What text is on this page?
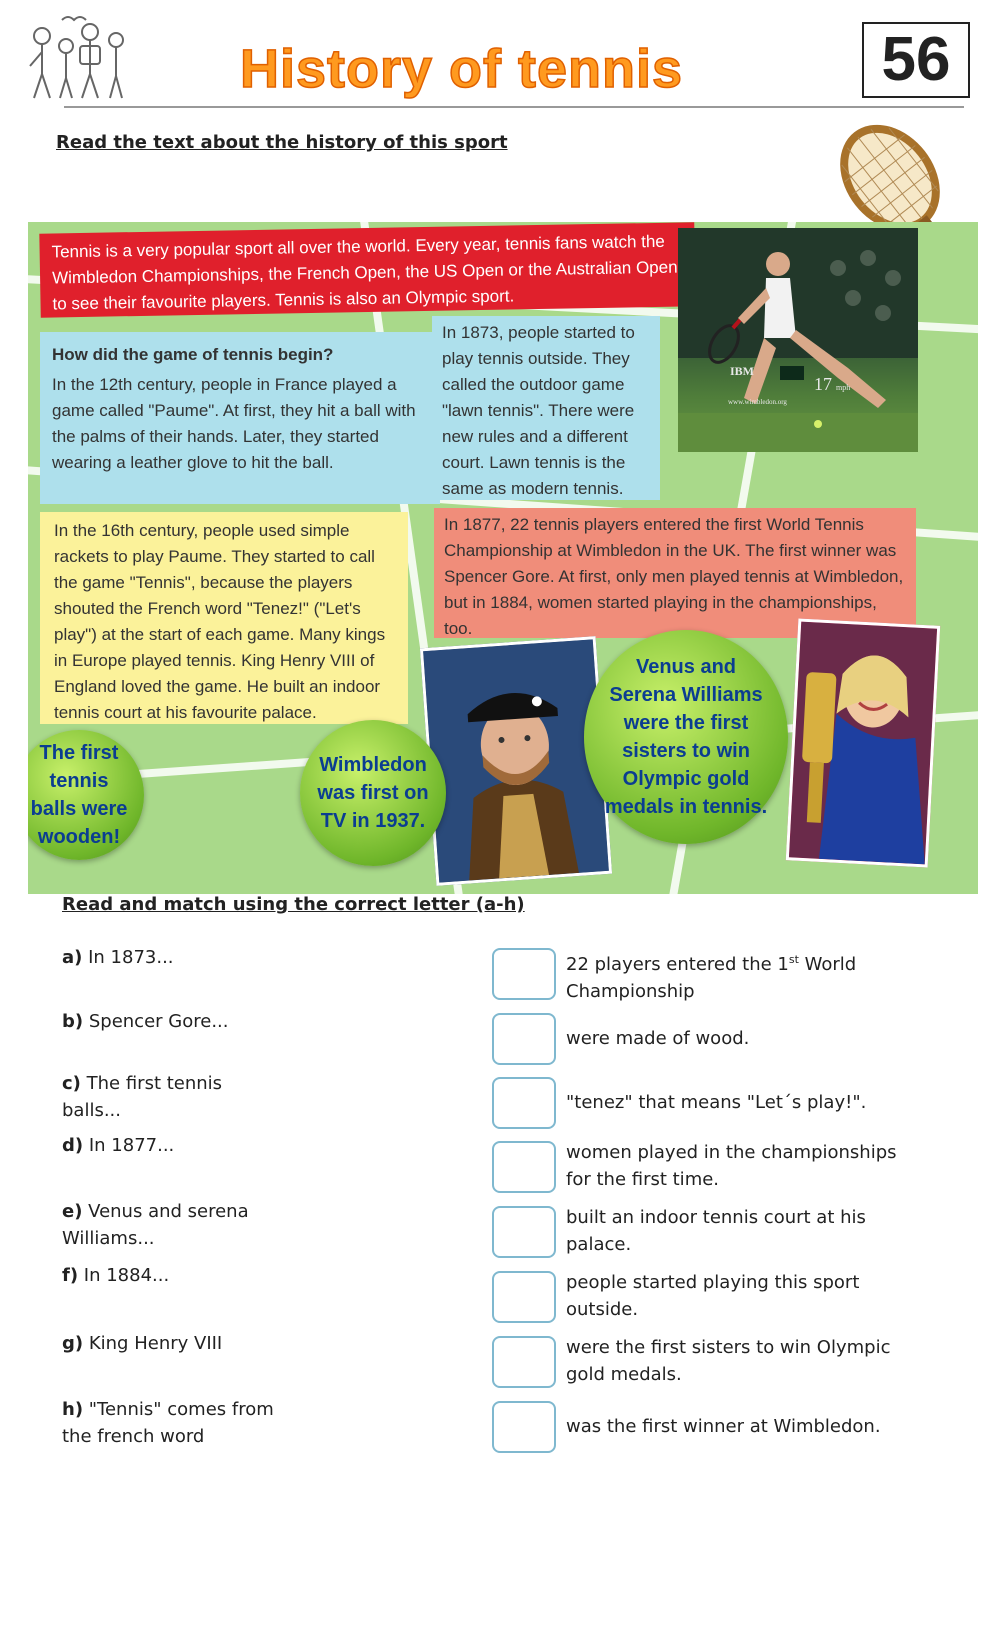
History of tennis	56
Read the text about the history of this sport
Tennis is a very popular sport all over the world. Every year, tennis fans watch the Wimbledon Championships, the French Open, the US Open or the Australian Open to see their favourite players. Tennis is also an Olympic sport.
How did the game of tennis begin?
In the 12th century, people in France played a game called "Paume". At first, they hit a ball with the palms of their hands. Later, they started wearing a leather glove to hit the ball.
In 1873, people started to play tennis outside. They called the outdoor game "lawn tennis". There were new rules and a different court. Lawn tennis is the same as modern tennis.
IBM
17 mph
www.wimbledon.org
In the 16th century, people used simple rackets to play Paume. They started to call the game "Tennis", because the players shouted the French word "Tenez!" ("Let's play") at the start of each game. Many kings in Europe played tennis. King Henry VIII of England loved the game. He built an indoor tennis court at his favourite palace.
In 1877, 22 tennis players entered the first World Tennis Championship at Wimbledon in the UK. The first winner was Spencer Gore. At first, only men played tennis at Wimbledon, but in 1884, women started playing in the championships, too.
The first tennis balls were wooden!
Wimbledon was first on TV in 1937.
Venus and Serena Williams were the first sisters to win Olympic gold medals in tennis.
Read and match using the correct letter (a-h)
a) In 1873...
b) Spencer Gore...
c) The first tennis balls...
d) In 1877...
e) Venus and serena Williams...
f) In 1884...
g) King Henry VIII
h) "Tennis" comes from the french word
22 players entered the 1st World Championship
were made of wood.
"tenez" that means "Let´s play!".
women played in the championships for the first time.
built an indoor tennis court at his palace.
people started playing this sport outside.
were the first sisters to win Olympic gold medals.
was the first winner at Wimbledon.
